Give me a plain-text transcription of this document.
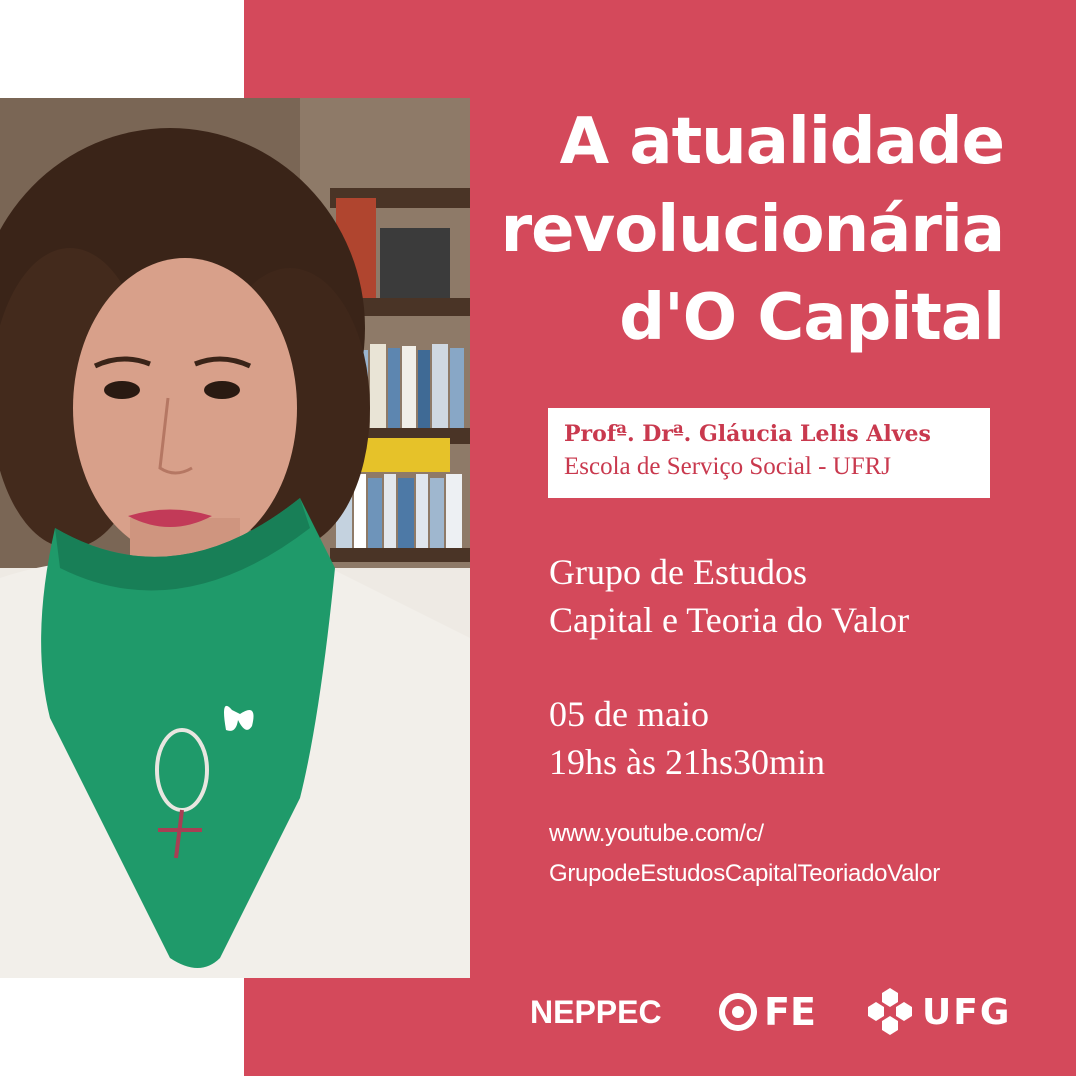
A atualidade
revolucionária
d'O Capital
Profª. Drª. Gláucia Lelis Alves
Escola de Serviço Social - UFRJ
Grupo de Estudos
Capital e Teoria do Valor
05 de maio
19hs às 21hs30min
www.youtube.com/c/
GrupodeEstudosCapitalTeoriadoValor
NEPPEC	FE	UFG
